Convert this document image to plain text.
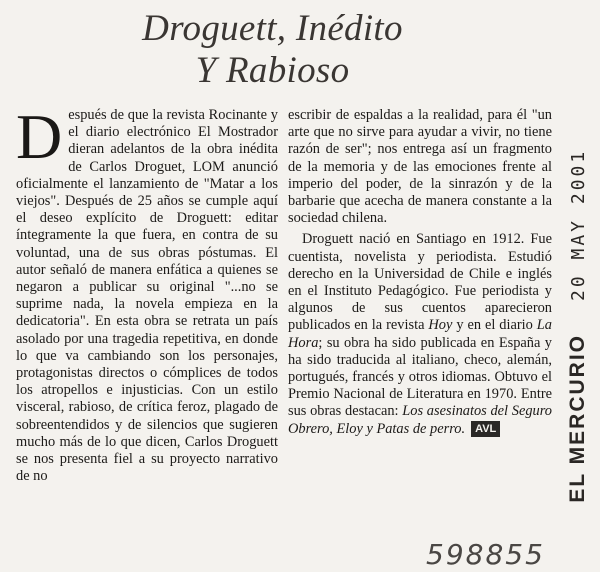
Droguett, Inédito
Y Rabioso

Después de que la revista Rocinante y el diario electrónico El Mostrador dieran adelantos de la obra inédita de Carlos Droguet, LOM anunció oficialmente el lanzamiento de "Matar a los viejos". Después de 25 años se cumple aquí el deseo explícito de Droguett: editar íntegramente la que fuera, en contra de su voluntad, una de sus obras póstumas. El autor señaló de manera enfática a quienes se negaron a publicar su original "...no se suprime nada, la novela empieza en la dedicatoria". En esta obra se retrata un país asolado por una tragedia repetitiva, en donde lo que va cambiando son los personajes, protagonistas directos o cómplices de todos los atropellos e injusticias. Con un estilo visceral, rabioso, de crítica feroz, plagado de sobreentendidos y de silencios que sugieren mucho más de lo que dicen, Carlos Droguett se nos presenta fiel a su proyecto narrativo de no

escribir de espaldas a la realidad, para él "un arte que no sirve para ayudar a vivir, no tiene razón de ser"; nos entrega así un fragmento de la memoria y de las emociones frente al imperio del poder, de la sinrazón y de la barbarie que acecha de manera constante a la sociedad chilena.

Droguett nació en Santiago en 1912. Fue cuentista, novelista y periodista. Estudió derecho en la Universidad de Chile e inglés en el Instituto Pedagógico. Fue periodista y algunos de sus cuentos aparecieron publicados en la revista Hoy y en el diario La Hora; su obra ha sido publicada en España y ha sido traducida al italiano, checo, alemán, portugués, francés y otros idiomas. Obtuvo el Premio Nacional de Literatura en 1970. Entre sus obras destacan: Los asesinatos del Seguro Obrero, Eloy y Patas de perro. AVL

20 MAY 2001
EL MERCURIO
598855
